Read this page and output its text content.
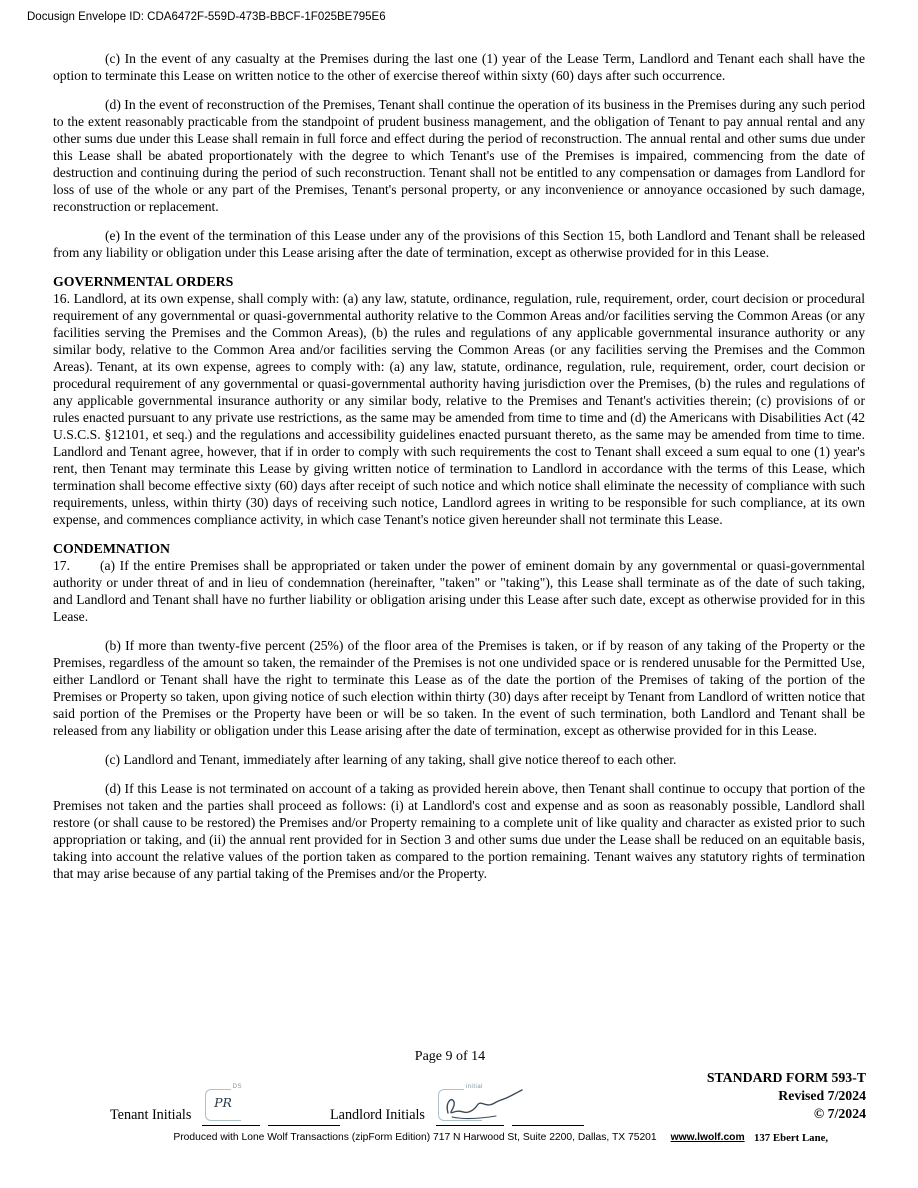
Docusign Envelope ID: CDA6472F-559D-473B-BBCF-1F025BE795E6

(c) In the event of any casualty at the Premises during the last one (1) year of the Lease Term, Landlord and Tenant each shall have the option to terminate this Lease on written notice to the other of exercise thereof within sixty (60) days after such occurrence.

(d) In the event of reconstruction of the Premises, Tenant shall continue the operation of its business in the Premises during any such period to the extent reasonably practicable from the standpoint of prudent business management, and the obligation of Tenant to pay annual rental and any other sums due under this Lease shall remain in full force and effect during the period of reconstruction. The annual rental and other sums due under this Lease shall be abated proportionately with the degree to which Tenant's use of the Premises is impaired, commencing from the date of destruction and continuing during the period of such reconstruction. Tenant shall not be entitled to any compensation or damages from Landlord for loss of use of the whole or any part of the Premises, Tenant's personal property, or any inconvenience or annoyance occasioned by such damage, reconstruction or replacement.

(e) In the event of the termination of this Lease under any of the provisions of this Section 15, both Landlord and Tenant shall be released from any liability or obligation under this Lease arising after the date of termination, except as otherwise provided for in this Lease.

GOVERNMENTAL ORDERS

16. Landlord, at its own expense, shall comply with: (a) any law, statute, ordinance, regulation, rule, requirement, order, court decision or procedural requirement of any governmental or quasi-governmental authority relative to the Common Areas and/or facilities serving the Common Areas (or any facilities serving the Premises and the Common Areas), (b) the rules and regulations of any applicable governmental insurance authority or any similar body, relative to the Common Area and/or facilities serving the Common Areas (or any facilities serving the Premises and the Common Areas). Tenant, at its own expense, agrees to comply with: (a) any law, statute, ordinance, regulation, rule, requirement, order, court decision or procedural requirement of any governmental or quasi-governmental authority having jurisdiction over the Premises, (b) the rules and regulations of any applicable governmental insurance authority or any similar body, relative to the Premises and Tenant's activities therein; (c) provisions of or rules enacted pursuant to any private use restrictions, as the same may be amended from time to time and (d) the Americans with Disabilities Act (42 U.S.C.S. §12101, et seq.) and the regulations and accessibility guidelines enacted pursuant thereto, as the same may be amended from time to time. Landlord and Tenant agree, however, that if in order to comply with such requirements the cost to Tenant shall exceed a sum equal to one (1) year's rent, then Tenant may terminate this Lease by giving written notice of termination to Landlord in accordance with the terms of this Lease, which termination shall become effective sixty (60) days after receipt of such notice and which notice shall eliminate the necessity of compliance with such requirements, unless, within thirty (30) days of receiving such notice, Landlord agrees in writing to be responsible for such compliance, at its own expense, and commences compliance activity, in which case Tenant's notice given hereunder shall not terminate this Lease.

CONDEMNATION

17. (a) If the entire Premises shall be appropriated or taken under the power of eminent domain by any governmental or quasi-governmental authority or under threat of and in lieu of condemnation (hereinafter, "taken" or "taking"), this Lease shall terminate as of the date of such taking, and Landlord and Tenant shall have no further liability or obligation arising under this Lease after such date, except as otherwise provided for in this Lease.

(b) If more than twenty-five percent (25%) of the floor area of the Premises is taken, or if by reason of any taking of the Property or the Premises, regardless of the amount so taken, the remainder of the Premises is not one undivided space or is rendered unusable for the Permitted Use, either Landlord or Tenant shall have the right to terminate this Lease as of the date the portion of the Premises of taking of the portion of the Premises or Property so taken, upon giving notice of such election within thirty (30) days after receipt by Tenant from Landlord of written notice that said portion of the Premises or the Property have been or will be so taken. In the event of such termination, both Landlord and Tenant shall be released from any liability or obligation under this Lease arising after the date of termination, except as otherwise provided for in this Lease.

(c) Landlord and Tenant, immediately after learning of any taking, shall give notice thereof to each other.

(d) If this Lease is not terminated on account of a taking as provided herein above, then Tenant shall continue to occupy that portion of the Premises not taken and the parties shall proceed as follows: (i) at Landlord's cost and expense and as soon as reasonably possible, Landlord shall restore (or shall cause to be restored) the Premises and/or Property remaining to a complete unit of like quality and character as existed prior to such appropriation or taking, and (ii) the annual rent provided for in Section 3 and other sums due under the Lease shall be reduced on an equitable basis, taking into account the relative values of the portion taken as compared to the portion remaining. Tenant waives any statutory rights of termination that may arise because of any partial taking of the Premises and/or the Property.

Page 9 of 14
STANDARD FORM 593-T
Revised 7/2024
© 7/2024
Tenant Initials	Landlord Initials
DS
PR
initial
Produced with Lone Wolf Transactions (zipForm Edition) 717 N Harwood St, Suite 2200, Dallas, TX 75201 www.lwolf.com 137 Ebert Lane,
